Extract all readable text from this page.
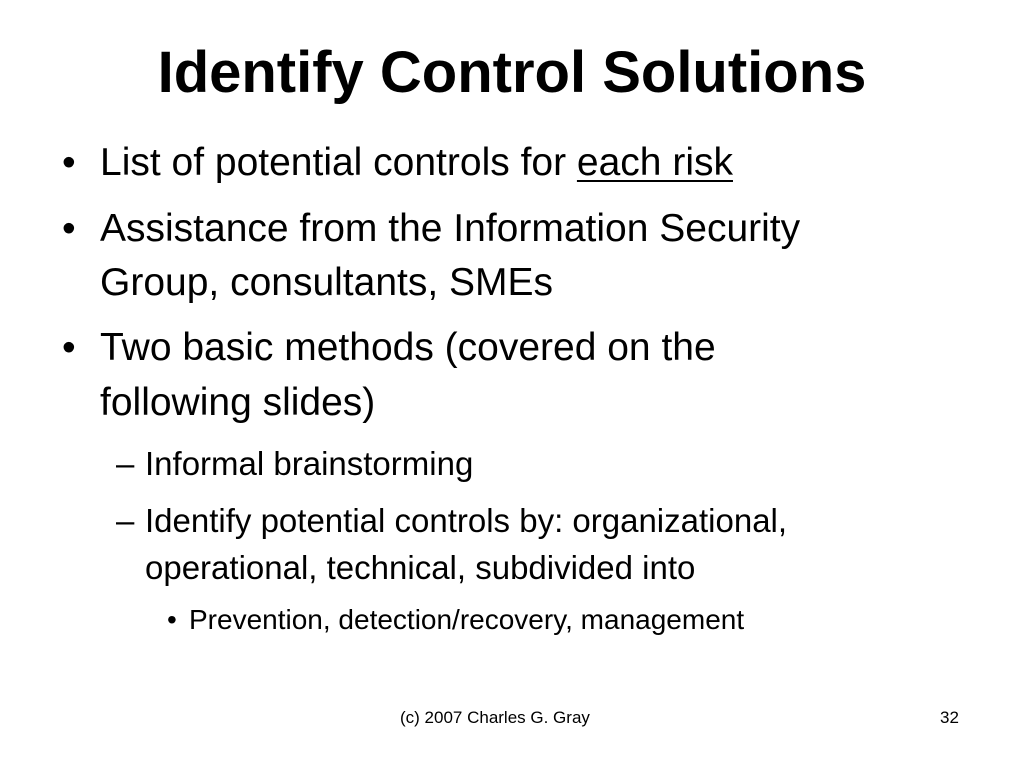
Identify Control Solutions
• List of potential controls for each risk
• Assistance from the Information Security
Group, consultants, SMEs
• Two basic methods (covered on the
following slides)
– Informal brainstorming
– Identify potential controls by: organizational,
operational, technical, subdivided into
• Prevention, detection/recovery, management
(c) 2007 Charles G. Gray	32
